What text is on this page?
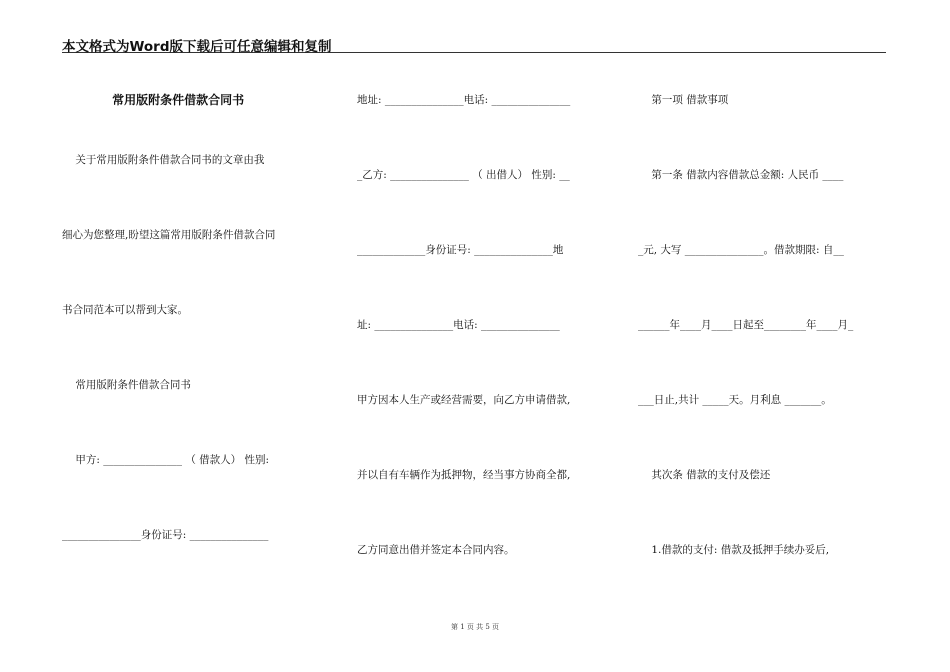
本文格式为Word版下载后可任意编辑和复制
常用版附条件借款合同书
关于常用版附条件借款合同书的文章由我
细心为您整理,盼望这篇常用版附条件借款合同
书合同范本可以帮到大家。
常用版附条件借款合同书
甲方: _______________ （ 借款人） 性别:
_______________身份证号: _______________
地址: _______________电话: _______________
_乙方: _______________ （ 出借人） 性别: __
_____________身份证号: _______________地
址: _______________电话: _______________
甲方因本人生产或经营需要，向乙方申请借款,
并以自有车辆作为抵押物，经当事方协商全都,
乙方同意出借并签定本合同内容。
第一项 借款事项
第一条 借款内容借款总金额: 人民币 ____
_元, 大写 _______________。借款期限: 自__
______年____月____日起至________年____月_
___日止,共计 _____天。月利息 _______。
其次条 借款的支付及偿还
1.借款的支付: 借款及抵押手续办妥后,
第 1 页 共 5 页
